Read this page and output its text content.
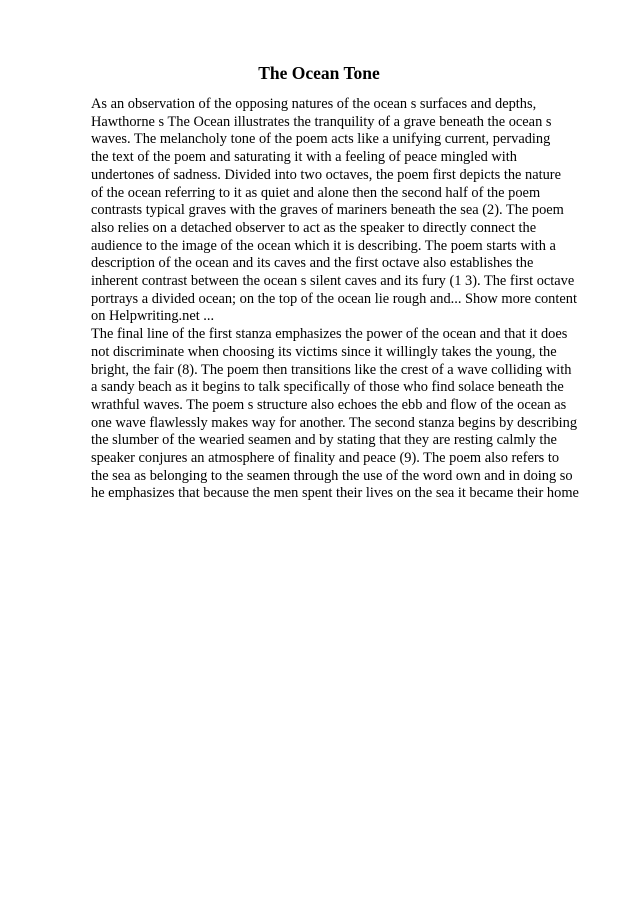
The Ocean Tone
As an observation of the opposing natures of the ocean s surfaces and depths,
Hawthorne s The Ocean illustrates the tranquility of a grave beneath the ocean s
waves. The melancholy tone of the poem acts like a unifying current, pervading
the text of the poem and saturating it with a feeling of peace mingled with
undertones of sadness. Divided into two octaves, the poem first depicts the nature
of the ocean referring to it as quiet and alone then the second half of the poem
contrasts typical graves with the graves of mariners beneath the sea (2). The poem
also relies on a detached observer to act as the speaker to directly connect the
audience to the image of the ocean which it is describing. The poem starts with a
description of the ocean and its caves and the first octave also establishes the
inherent contrast between the ocean s silent caves and its fury (1 3). The first octave
portrays a divided ocean; on the top of the ocean lie rough and... Show more content
on Helpwriting.net ...
The final line of the first stanza emphasizes the power of the ocean and that it does
not discriminate when choosing its victims since it willingly takes the young, the
bright, the fair (8). The poem then transitions like the crest of a wave colliding with
a sandy beach as it begins to talk specifically of those who find solace beneath the
wrathful waves. The poem s structure also echoes the ebb and flow of the ocean as
one wave flawlessly makes way for another. The second stanza begins by describing
the slumber of the wearied seamen and by stating that they are resting calmly the
speaker conjures an atmosphere of finality and peace (9). The poem also refers to
the sea as belonging to the seamen through the use of the word own and in doing so
he emphasizes that because the men spent their lives on the sea it became their home
